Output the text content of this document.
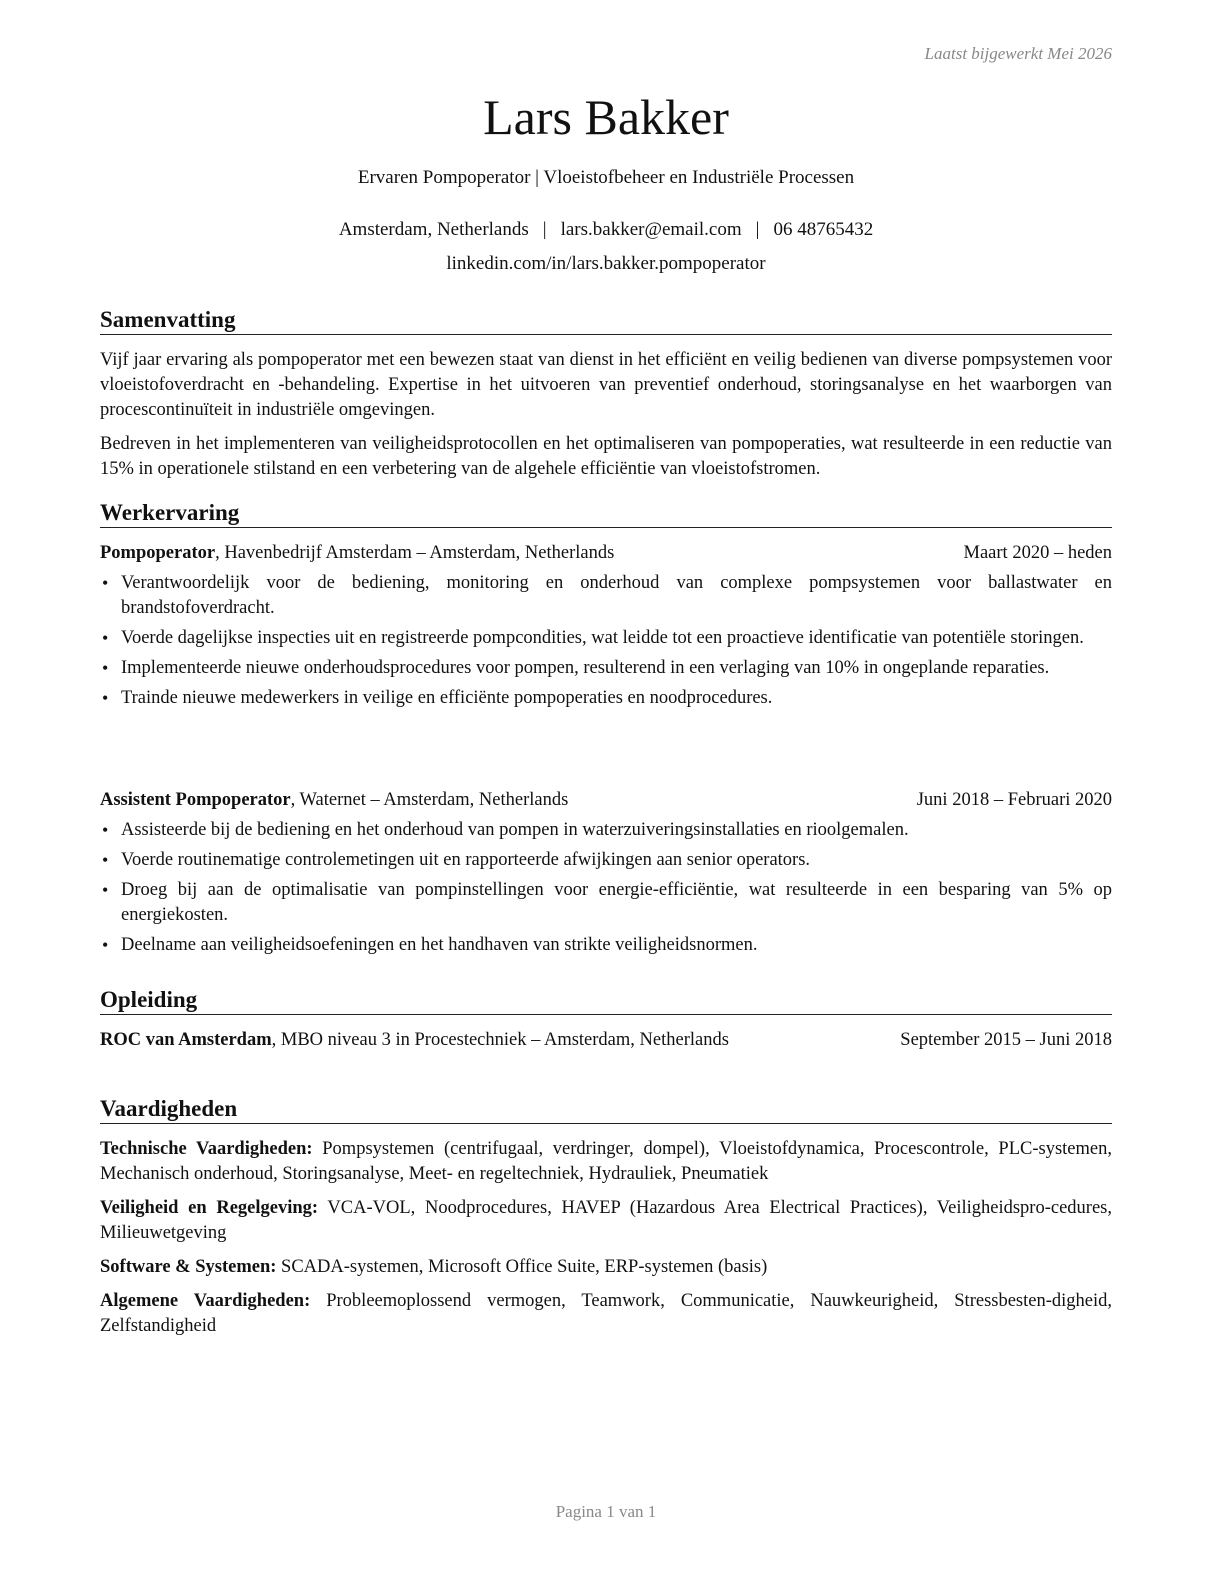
Laatst bijgewerkt Mei 2026
Lars Bakker
Ervaren Pompoperator | Vloeistofbeheer en Industriële Processen
Amsterdam, Netherlands | lars.bakker@email.com | 06 48765432
linkedin.com/in/lars.bakker.pompoperator
Samenvatting
Vijf jaar ervaring als pompoperator met een bewezen staat van dienst in het efficiënt en veilig bedienen van diverse pompsystemen voor vloeistofoverdracht en -behandeling. Expertise in het uitvoeren van preventief onderhoud, storingsanalyse en het waarborgen van procescontinuïteit in industriële omgevingen.
Bedreven in het implementeren van veiligheidsprotocollen en het optimaliseren van pompoperaties, wat resulteerde in een reductie van 15% in operationele stilstand en een verbetering van de algehele efficiëntie van vloeistofstromen.
Werkervaring
Pompoperator, Havenbedrijf Amsterdam – Amsterdam, Netherlands	Maart 2020 – heden
• Verantwoordelijk voor de bediening, monitoring en onderhoud van complexe pompsystemen voor ballastwater en brandstofoverdracht.
• Voerde dagelijkse inspecties uit en registreerde pompcondities, wat leidde tot een proactieve identificatie van potentiële storingen.
• Implementeerde nieuwe onderhoudsprocedures voor pompen, resulterend in een verlaging van 10% in ongeplande reparaties.
• Trainde nieuwe medewerkers in veilige en efficiënte pompoperaties en noodprocedures.
Assistent Pompoperator, Waternet – Amsterdam, Netherlands	Juni 2018 – Februari 2020
• Assisteerde bij de bediening en het onderhoud van pompen in waterzuiveringsinstallaties en rioolgemalen.
• Voerde routinematige controlemetingen uit en rapporteerde afwijkingen aan senior operators.
• Droeg bij aan de optimalisatie van pompinstellingen voor energie-efficiëntie, wat resulteerde in een besparing van 5% op energiekosten.
• Deelname aan veiligheidsoefeningen en het handhaven van strikte veiligheidsnormen.
Opleiding
ROC van Amsterdam, MBO niveau 3 in Procestechniek – Amsterdam, Netherlands	September 2015 – Juni 2018
Vaardigheden
Technische Vaardigheden: Pompsystemen (centrifugaal, verdringer, dompel), Vloeistofdynamica, Procescontrole, PLC-systemen, Mechanisch onderhoud, Storingsanalyse, Meet- en regeltechniek, Hydrauliek, Pneumatiek
Veiligheid en Regelgeving: VCA-VOL, Noodprocedures, HAVEP (Hazardous Area Electrical Practices), Veiligheidspro-cedures, Milieuwetgeving
Software & Systemen: SCADA-systemen, Microsoft Office Suite, ERP-systemen (basis)
Algemene Vaardigheden: Probleemoplossend vermogen, Teamwork, Communicatie, Nauwkeurigheid, Stressbesten-digheid, Zelfstandigheid
Pagina 1 van 1
